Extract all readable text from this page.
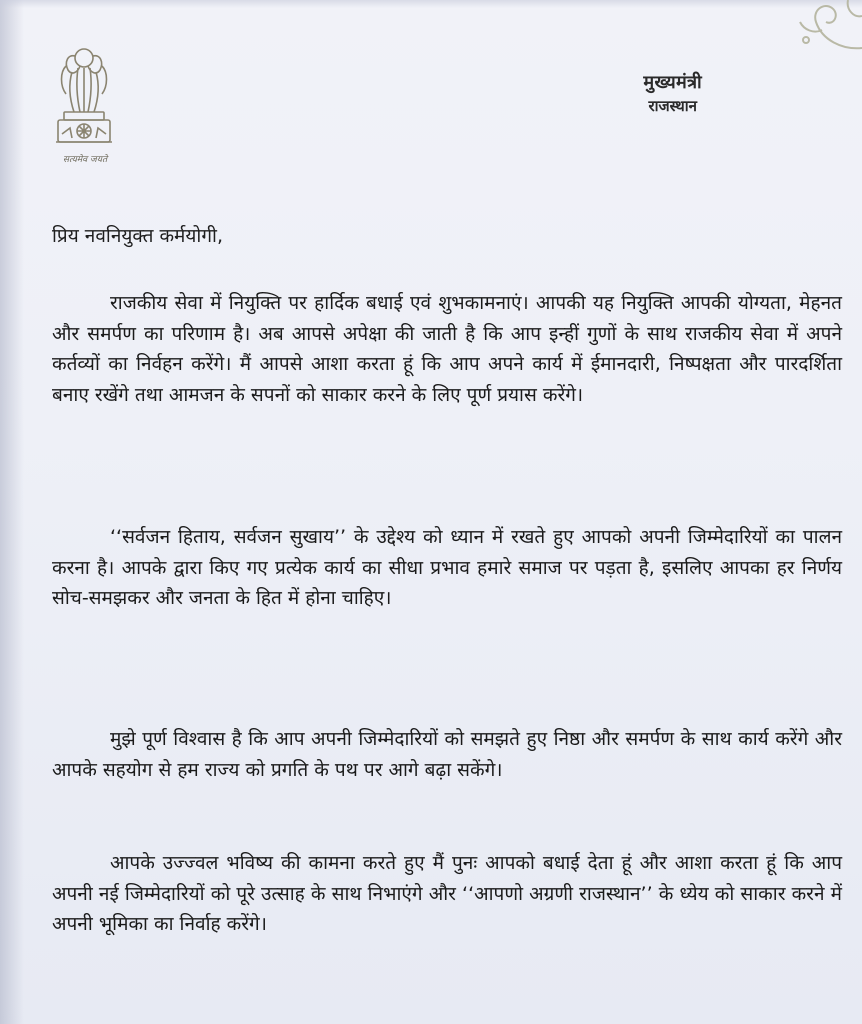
सत्यमेव जयते
मुख्यमंत्री
राजस्थान
प्रिय नवनियुक्त कर्मयोगी,

राजकीय सेवा में नियुक्ति पर हार्दिक बधाई एवं शुभकामनाएं। आपकी यह नियुक्ति आपकी योग्यता, मेहनत और समर्पण का परिणाम है। अब आपसे अपेक्षा की जाती है कि आप इन्हीं गुणों के साथ राजकीय सेवा में अपने कर्तव्यों का निर्वहन करेंगे। मैं आपसे आशा करता हूं कि आप अपने कार्य में ईमानदारी, निष्पक्षता और पारदर्शिता बनाए रखेंगे तथा आमजन के सपनों को साकार करने के लिए पूर्ण प्रयास करेंगे।

‘‘सर्वजन हिताय, सर्वजन सुखाय’’ के उद्देश्य को ध्यान में रखते हुए आपको अपनी जिम्मेदारियों का पालन करना है। आपके द्वारा किए गए प्रत्येक कार्य का सीधा प्रभाव हमारे समाज पर पड़ता है, इसलिए आपका हर निर्णय सोच-समझकर और जनता के हित में होना चाहिए।

मुझे पूर्ण विश्वास है कि आप अपनी जिम्मेदारियों को समझते हुए निष्ठा और समर्पण के साथ कार्य करेंगे और आपके सहयोग से हम राज्य को प्रगति के पथ पर आगे बढ़ा सकेंगे।

आपके उज्ज्वल भविष्य की कामना करते हुए मैं पुनः आपको बधाई देता हूं और आशा करता हूं कि आप अपनी नई जिम्मेदारियों को पूरे उत्साह के साथ निभाएंगे और ‘‘आपणो अग्रणी राजस्थान’’ के ध्येय को साकार करने में अपनी भूमिका का निर्वाह करेंगे।
